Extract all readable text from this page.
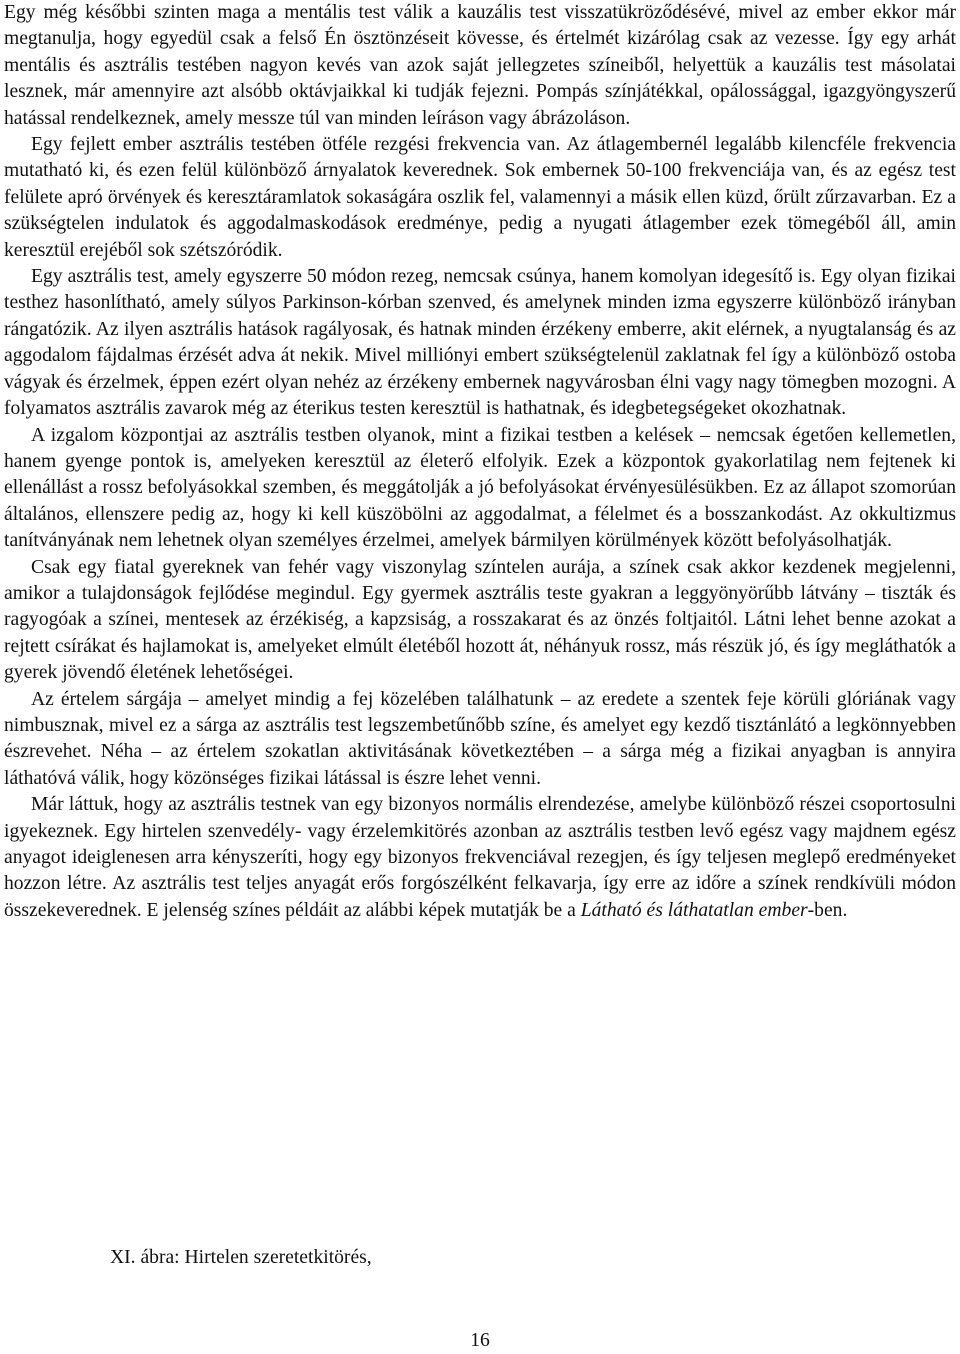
Egy még későbbi szinten maga a mentális test válik a kauzális test visszatükröződésévé, mivel az ember ekkor már megtanulja, hogy egyedül csak a felső Én ösztönzéseit kövesse, és értelmét kizárólag csak az vezesse. Így egy arhát mentális és asztrális testében nagyon kevés van azok saját jellegzetes színeiből, helyettük a kauzális test másolatai lesznek, már amennyire azt alsóbb oktávjaikkal ki tudják fejezni. Pompás színjátékkal, opálossággal, igazgyöngyszerű hatással rendelkeznek, amely messze túl van minden leíráson vagy ábrázoláson.

Egy fejlett ember asztrális testében ötféle rezgési frekvencia van. Az átlagembernél legalább kilencféle frekvencia mutatható ki, és ezen felül különböző árnyalatok keverednek. Sok embernek 50-100 frekvenciája van, és az egész test felülete apró örvények és keresztáramlatok sokaságára oszlik fel, valamennyi a másik ellen küzd, őrült zűrzavarban. Ez a szükségtelen indulatok és aggodalmaskodások eredménye, pedig a nyugati átlagember ezek tömegéből áll, amin keresztül erejéből sok szétszóródik.

Egy asztrális test, amely egyszerre 50 módon rezeg, nemcsak csúnya, hanem komolyan idegesítő is. Egy olyan fizikai testhez hasonlítható, amely súlyos Parkinson-kórban szenved, és amelynek minden izma egyszerre különböző irányban rángatózik. Az ilyen asztrális hatások ragályosak, és hatnak minden érzékeny emberre, akit elérnek, a nyugtalanság és az aggodalom fájdalmas érzését adva át nekik. Mivel milliónyi embert szükségtelenül zaklatnak fel így a különböző ostoba vágyak és érzelmek, éppen ezért olyan nehéz az érzékeny embernek nagyvárosban élni vagy nagy tömegben mozogni. A folyamatos asztrális zavarok még az éterikus testen keresztül is hathatnak, és idegbetegségeket okozhatnak.

A izgalom központjai az asztrális testben olyanok, mint a fizikai testben a kelések – nemcsak égetően kellemetlen, hanem gyenge pontok is, amelyeken keresztül az életerő elfolyik. Ezek a központok gyakorlatilag nem fejtenek ki ellenállást a rossz befolyásokkal szemben, és meggátolják a jó befolyásokat érvényesülésükben. Ez az állapot szomorúan általános, ellenszere pedig az, hogy ki kell küszöbölni az aggodalmat, a félelmet és a bosszankodást. Az okkultizmus tanítványának nem lehetnek olyan személyes érzelmei, amelyek bármilyen körülmények között befolyásolhatják.

Csak egy fiatal gyereknek van fehér vagy viszonylag színtelen aurája, a színek csak akkor kezdenek megjelenni, amikor a tulajdonságok fejlődése megindul. Egy gyermek asztrális teste gyakran a leggyönyörűbb látvány – tiszták és ragyogóak a színei, mentesek az érzékiség, a kapzsiság, a rosszakarat és az önzés foltjaitól. Látni lehet benne azokat a rejtett csírákat és hajlamokat is, amelyeket elmúlt életéből hozott át, néhányuk rossz, más részük jó, és így megláthatók a gyerek jövendő életének lehetőségei.

Az értelem sárgája – amelyet mindig a fej közelében találhatunk – az eredete a szentek feje körüli glóriának vagy nimbusznak, mivel ez a sárga az asztrális test legszembetűnőbb színe, és amelyet egy kezdő tisztánlátó a legkönnyebben észrevehet. Néha – az értelem szokatlan aktivitásának következtében – a sárga még a fizikai anyagban is annyira láthatóvá válik, hogy közönséges fizikai látással is észre lehet venni.

Már láttuk, hogy az asztrális testnek van egy bizonyos normális elrendezése, amelybe különböző részei csoportosulni igyekeznek. Egy hirtelen szenvedély- vagy érzelemkitörés azonban az asztrális testben levő egész vagy majdnem egész anyagot ideiglenesen arra kényszeríti, hogy egy bizonyos frekvenciával rezegjen, és így teljesen meglepő eredményeket hozzon létre. Az asztrális test teljes anyagát erős forgószélként felkavarja, így erre az időre a színek rendkívüli módon összekeverednek. E jelenség színes példáit az alábbi képek mutatják be a Látható és láthatatlan ember-ben.

XI. ábra: Hirtelen szeretetkitörés,

16
